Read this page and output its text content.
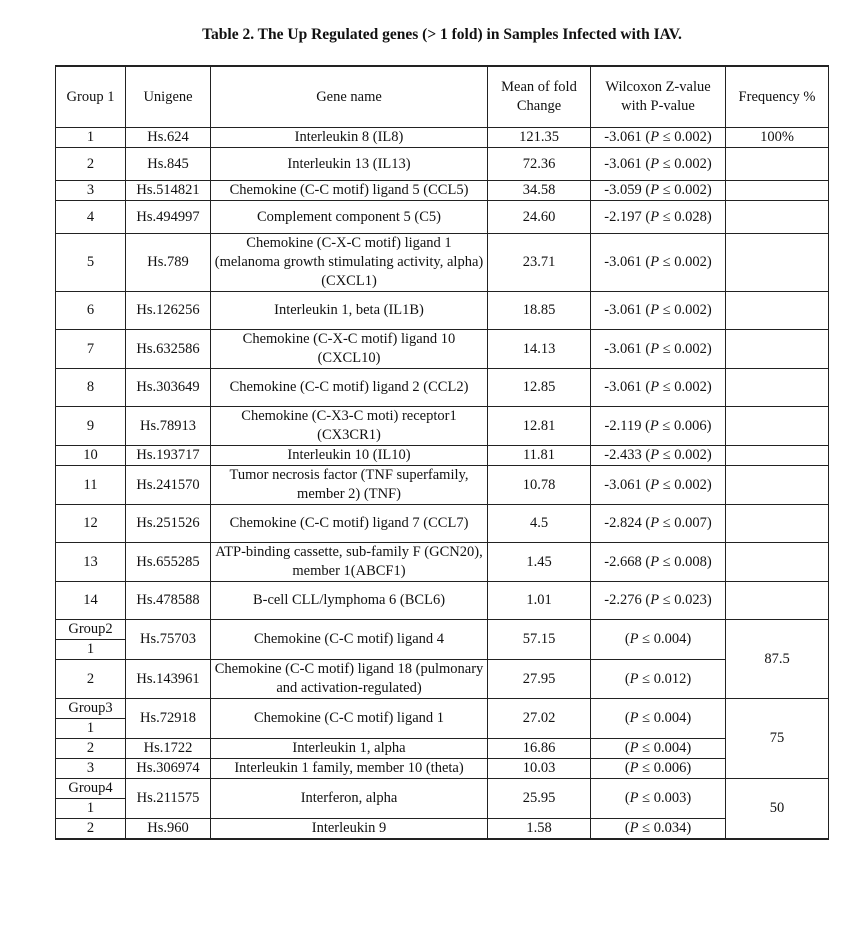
Table 2. The Up Regulated genes (> 1 fold) in Samples Infected with IAV.
Group 1	Unigene	Gene name	Mean of fold Change	Wilcoxon Z-value with P-value	Frequency %
1	Hs.624	Interleukin 8 (IL8)	121.35	-3.061 (P ≤ 0.002)	100%
2	Hs.845	Interleukin 13 (IL13)	72.36	-3.061 (P ≤ 0.002)	
3	Hs.514821	Chemokine (C-C motif) ligand 5 (CCL5)	34.58	-3.059 (P ≤ 0.002)	
4	Hs.494997	Complement component 5 (C5)	24.60	-2.197 (P ≤ 0.028)	
5	Hs.789	Chemokine (C-X-C motif) ligand 1 (melanoma growth stimulating activity, alpha) (CXCL1)	23.71	-3.061 (P ≤ 0.002)	
6	Hs.126256	Interleukin 1, beta (IL1B)	18.85	-3.061 (P ≤ 0.002)	
7	Hs.632586	Chemokine (C-X-C motif) ligand 10 (CXCL10)	14.13	-3.061 (P ≤ 0.002)	
8	Hs.303649	Chemokine (C-C motif) ligand 2 (CCL2)	12.85	-3.061 (P ≤ 0.002)	
9	Hs.78913	Chemokine (C-X3-C moti) receptor1 (CX3CR1)	12.81	-2.119 (P ≤ 0.006)	
10	Hs.193717	Interleukin 10 (IL10)	11.81	-2.433 (P ≤ 0.002)	
11	Hs.241570	Tumor necrosis factor (TNF superfamily, member 2) (TNF)	10.78	-3.061 (P ≤ 0.002)	
12	Hs.251526	Chemokine (C-C motif) ligand 7 (CCL7)	4.5	-2.824 (P ≤ 0.007)	
13	Hs.655285	ATP-binding cassette, sub-family F (GCN20), member 1(ABCF1)	1.45	-2.668 (P ≤ 0.008)	
14	Hs.478588	B-cell CLL/lymphoma 6 (BCL6)	1.01	-2.276 (P ≤ 0.023)	
Group2	Hs.75703	Chemokine (C-C motif) ligand 4	57.15	(P ≤ 0.004)	87.5
1					
2	Hs.143961	Chemokine (C-C motif) ligand 18 (pulmonary and activation-regulated)	27.95	(P ≤ 0.012)	
Group3	Hs.72918	Chemokine (C-C motif) ligand 1	27.02	(P ≤ 0.004)	75
1					
2	Hs.1722	Interleukin 1, alpha	16.86	(P ≤ 0.004)	
3	Hs.306974	Interleukin 1 family, member 10 (theta)	10.03	(P ≤ 0.006)	
Group4	Hs.211575	Interferon, alpha	25.95	(P ≤ 0.003)	50
1					
2	Hs.960	Interleukin 9	1.58	(P ≤ 0.034)	
